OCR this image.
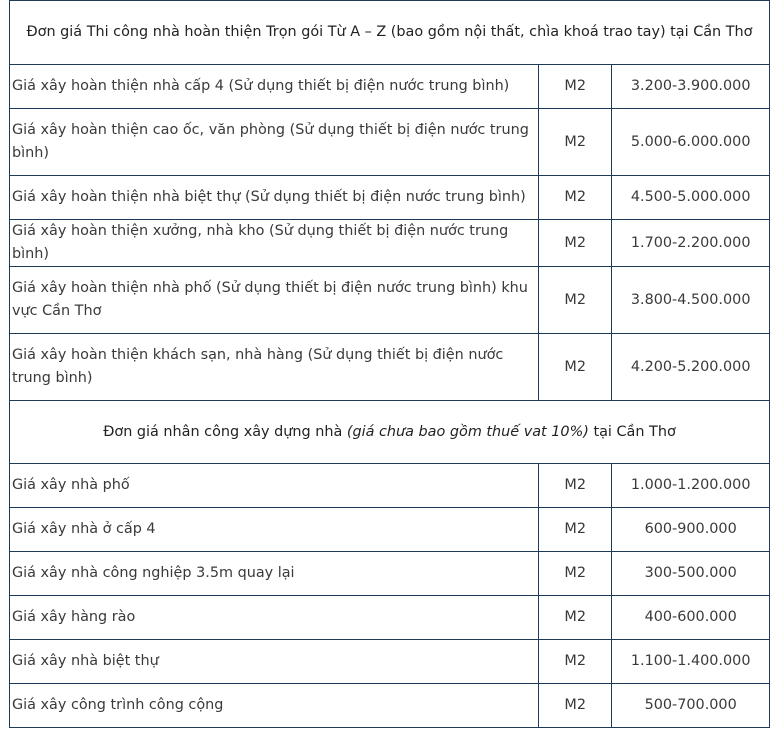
Đơn giá Thi công nhà hoàn thiện Trọn gói Từ A – Z (bao gồm nội thất, chìa khoá trao tay) tại Cần Thơ		
Giá xây hoàn thiện nhà cấp 4 (Sử dụng thiết bị điện nước trung bình)	M2	3.200-3.900.000
Giá xây hoàn thiện cao ốc, văn phòng (Sử dụng thiết bị điện nước trung bình)	M2	5.000-6.000.000
Giá xây hoàn thiện nhà biệt thự (Sử dụng thiết bị điện nước trung bình)	M2	4.500-5.000.000
Giá xây hoàn thiện xưởng, nhà kho (Sử dụng thiết bị điện nước trung bình)	M2	1.700-2.200.000
Giá xây hoàn thiện nhà phố (Sử dụng thiết bị điện nước trung bình) khu vực Cần Thơ	M2	3.800-4.500.000
Giá xây hoàn thiện khách sạn, nhà hàng (Sử dụng thiết bị điện nước trung bình)	M2	4.200-5.200.000
Đơn giá nhân công xây dựng nhà (giá chưa bao gồm thuế vat 10%) tại Cần Thơ		
Giá xây nhà phố	M2	1.000-1.200.000
Giá xây nhà ở cấp 4	M2	600-900.000
Giá xây nhà công nghiệp 3.5m quay lại	M2	300-500.000
Giá xây hàng rào	M2	400-600.000
Giá xây nhà biệt thự	M2	1.100-1.400.000
Giá xây công trình công cộng	M2	500-700.000
